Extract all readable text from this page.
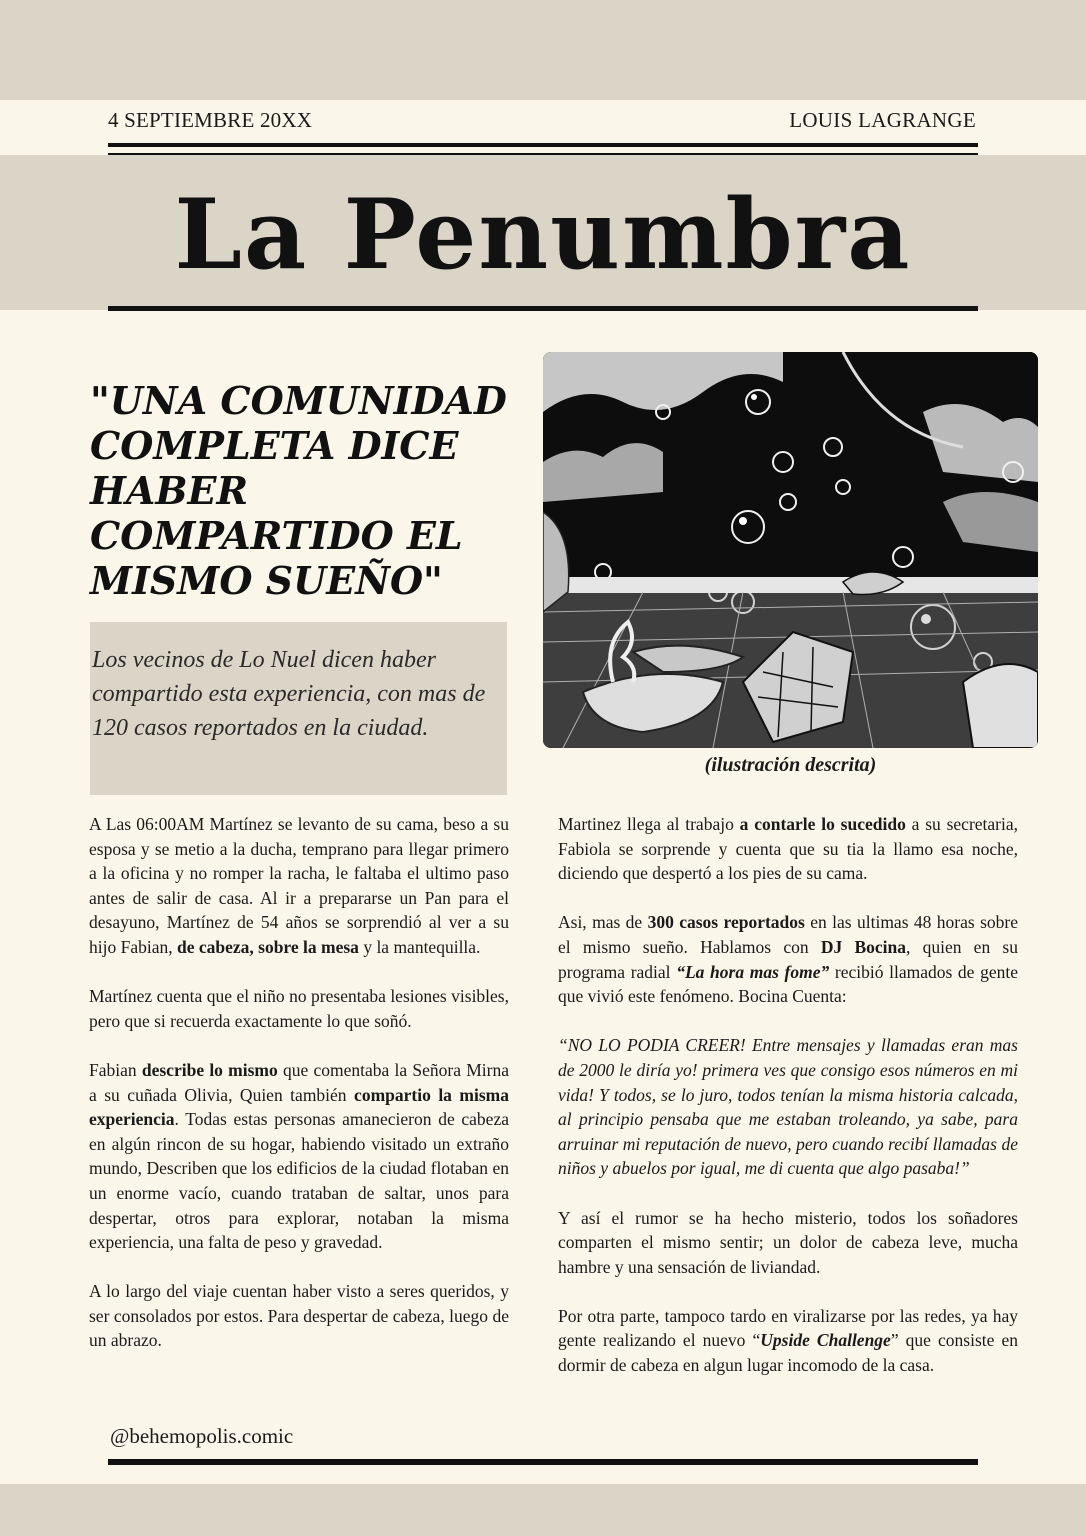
4 SEPTIEMBRE 20XX	LOUIS LAGRANGE
La Penumbra
"UNA COMUNIDAD COMPLETA DICE HABER COMPARTIDO EL MISMO SUEÑO"

Los vecinos de Lo Nuel dicen haber compartido esta experiencia, con mas de 120 casos reportados en la ciudad.

(ilustración descrita)

A Las 06:00AM Martínez se levanto de su cama, beso a su esposa y se metio a la ducha, temprano para llegar primero a la oficina y no romper la racha, le faltaba el ultimo paso antes de salir de casa. Al ir a prepararse un Pan para el desayuno, Martínez de 54 años se sorprendió al ver a su hijo Fabian, de cabeza, sobre la mesa y la mantequilla.

Martínez cuenta que el niño no presentaba lesiones visibles, pero que si recuerda exactamente lo que soñó.

Fabian describe lo mismo que comentaba la Señora Mirna a su cuñada Olivia, Quien también compartio la misma experiencia. Todas estas personas amanecieron de cabeza en algún rincon de su hogar, habiendo visitado un extraño mundo, Describen que los edificios de la ciudad flotaban en un enorme vacío, cuando trataban de saltar, unos para despertar, otros para explorar, notaban la misma experiencia, una falta de peso y gravedad.

A lo largo del viaje cuentan haber visto a seres queridos, y ser consolados por estos. Para despertar de cabeza, luego de un abrazo.

Martinez llega al trabajo a contarle lo sucedido a su secretaria, Fabiola se sorprende y cuenta que su tia la llamo esa noche, diciendo que despertó a los pies de su cama.

Asi, mas de 300 casos reportados en las ultimas 48 horas sobre el mismo sueño. Hablamos con DJ Bocina, quien en su programa radial “La hora mas fome” recibió llamados de gente que vivió este fenómeno. Bocina Cuenta:

“NO LO PODIA CREER! Entre mensajes y llamadas eran mas de 2000 le diría yo! primera ves que consigo esos números en mi vida! Y todos, se lo juro, todos tenían la misma historia calcada, al principio pensaba que me estaban troleando, ya sabe, para arruinar mi reputación de nuevo, pero cuando recibí llamadas de niños y abuelos por igual, me di cuenta que algo pasaba!”

Y así el rumor se ha hecho misterio, todos los soñadores comparten el mismo sentir; un dolor de cabeza leve, mucha hambre y una sensación de liviandad.

Por otra parte, tampoco tardo en viralizarse por las redes, ya hay gente realizando el nuevo “Upside Challenge” que consiste en dormir de cabeza en algun lugar incomodo de la casa.

@behemopolis.comic
